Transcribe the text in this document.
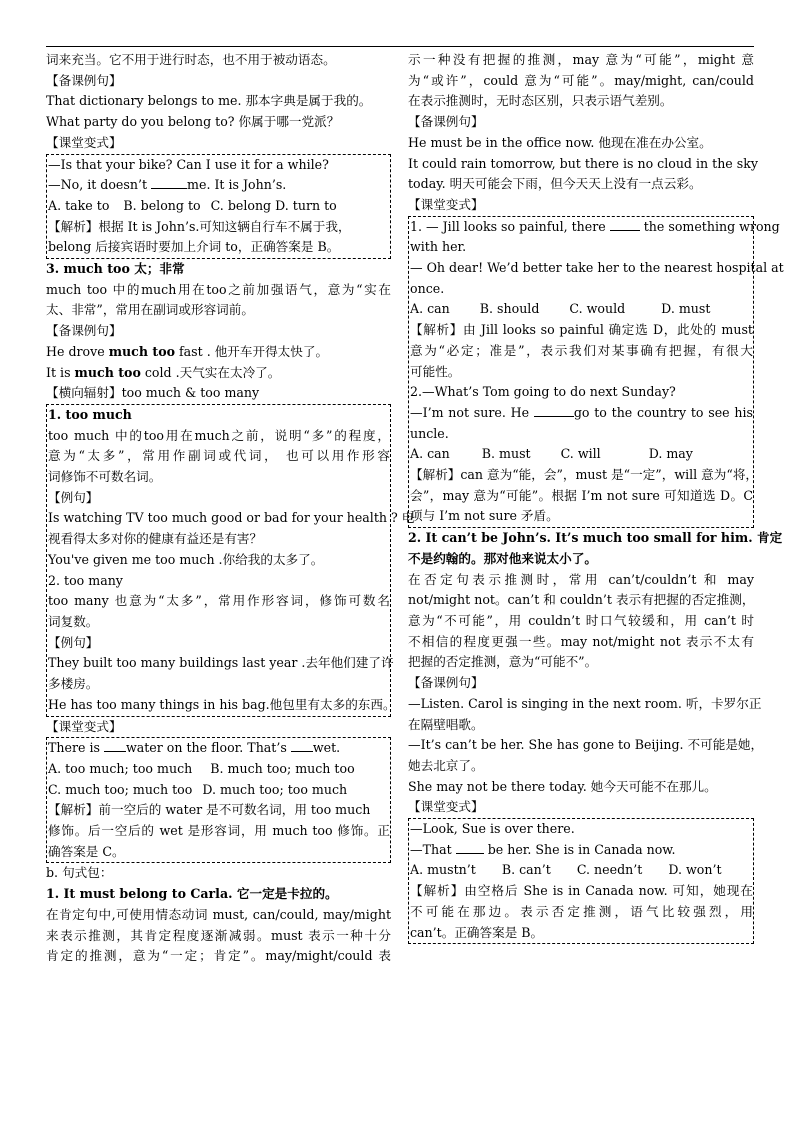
词来充当。它不用于进行时态，也不用于被动语态。

【备课例句】

That dictionary belongs to me. 那本字典是属于我的。

What party do you belong to? 你属于哪一党派？

【课堂变式】

—Is that your bike? Can I use it for a while?

—No, it doesn’t	me. It is John’s.

A. take to B. belong to C. belong D. turn to

【解析】根据 It is John’s.可知这辆自行车不属于我，

belong 后接宾语时要加上介词 to，正确答案是 B。

3. much too 太；非常

much too 中的much用在too之前加强语气，意为“实在

太、非常”，常用在副词或形容词前。

【备课例句】

He drove much too fast . 他开车开得太快了。

It is much too cold .天气实在太冷了。

【横向辐射】too much & too many

1. too much

too much 中的too用在much之前，说明“多”的程度，

意为“太多”，常用作副词或代词， 也可以用作形容

词修饰不可数名词。

【例句】

Is watching TV too much good or bad for your health ? 电

视看得太多对你的健康有益还是有害？

You've given me too much .你给我的太多了。

2. too many

too many 也意为“太多”，常用作形容词，修饰可数名

词复数。

【例句】

They built too many buildings last year .去年他们建了许

多楼房。

He has too many things in his bag.他包里有太多的东西。

【课堂变式】

There is water on the floor. That’s wet.

A. too much; too much B. much too; much too

C. much too; much too D. much too; too much

【解析】前一空后的 water 是不可数名词，用 too much

修饰。后一空后的 wet 是形容词，用 much too 修饰。正

确答案是 C。

b. 句式包：

1. It must belong to Carla. 它一定是卡拉的。

在肯定句中,可使用情态动词 must, can/could, may/might

来表示推测，其肯定程度逐渐减弱。must 表示一种十分

肯定的推测，意为“一定；肯定”。may/might/could 表

示一种没有把握的推测，may 意为“可能”，might 意

为“或许”，could 意为“可能”。may/might, can/could

在表示推测时，无时态区别，只表示语气差别。

【备课例句】

He must be in the office now. 他现在准在办公室。

It could rain tomorrow, but there is no cloud in the sky

today. 明天可能会下雨，但今天天上没有一点云彩。

【课堂变式】

1. — Jill looks so painful, there  the something wrong

with her.

— Oh dear! We’d better take her to the nearest hospital at

once.

A. can B. should C. would	D. must

【解析】由 Jill looks so painful 确定选 D，此处的 must

意为“必定；准是”，表示我们对某事确有把握，有很大

可能性。

2.—What’s Tom going to do next Sunday?

—I’m not sure. He	go to the country to see his

uncle.

A. can	B. must C. will	D. may

【解析】can 意为“能，会”，must 是“一定”，will 意为“将，

会”，may 意为“可能”。根据 I’m not sure 可知道选 D。C

项与 I’m not sure 矛盾。

2. It can’t be John’s. It’s much too small for him. 肯定

不是约翰的。那对他来说太小了。

在否定句表示推测时，常用 can’t/couldn’t 和 may

not/might not。can’t 和 couldn’t 表示有把握的否定推测，

意为“不可能”，用 couldn’t 时口气较缓和，用 can’t 时

不相信的程度更强一些。may not/might not 表示不太有

把握的否定推测，意为“可能不”。

【备课例句】

—Listen. Carol is singing in the next room. 听，卡罗尔正

在隔壁唱歌。

—It’s can’t be her. She has gone to Beijing. 不可能是她，

她去北京了。

She may not be there today. 她今天可能不在那儿。

【课堂变式】

—Look, Sue is over there.

—That  be her. She is in Canada now.

A. mustn’t B. can’t C. needn’t D. won’t

【解析】由空格后 She is in Canada now. 可知，她现在

不可能在那边。表示否定推测，语气比较强烈，用

can’t。正确答案是 B。
